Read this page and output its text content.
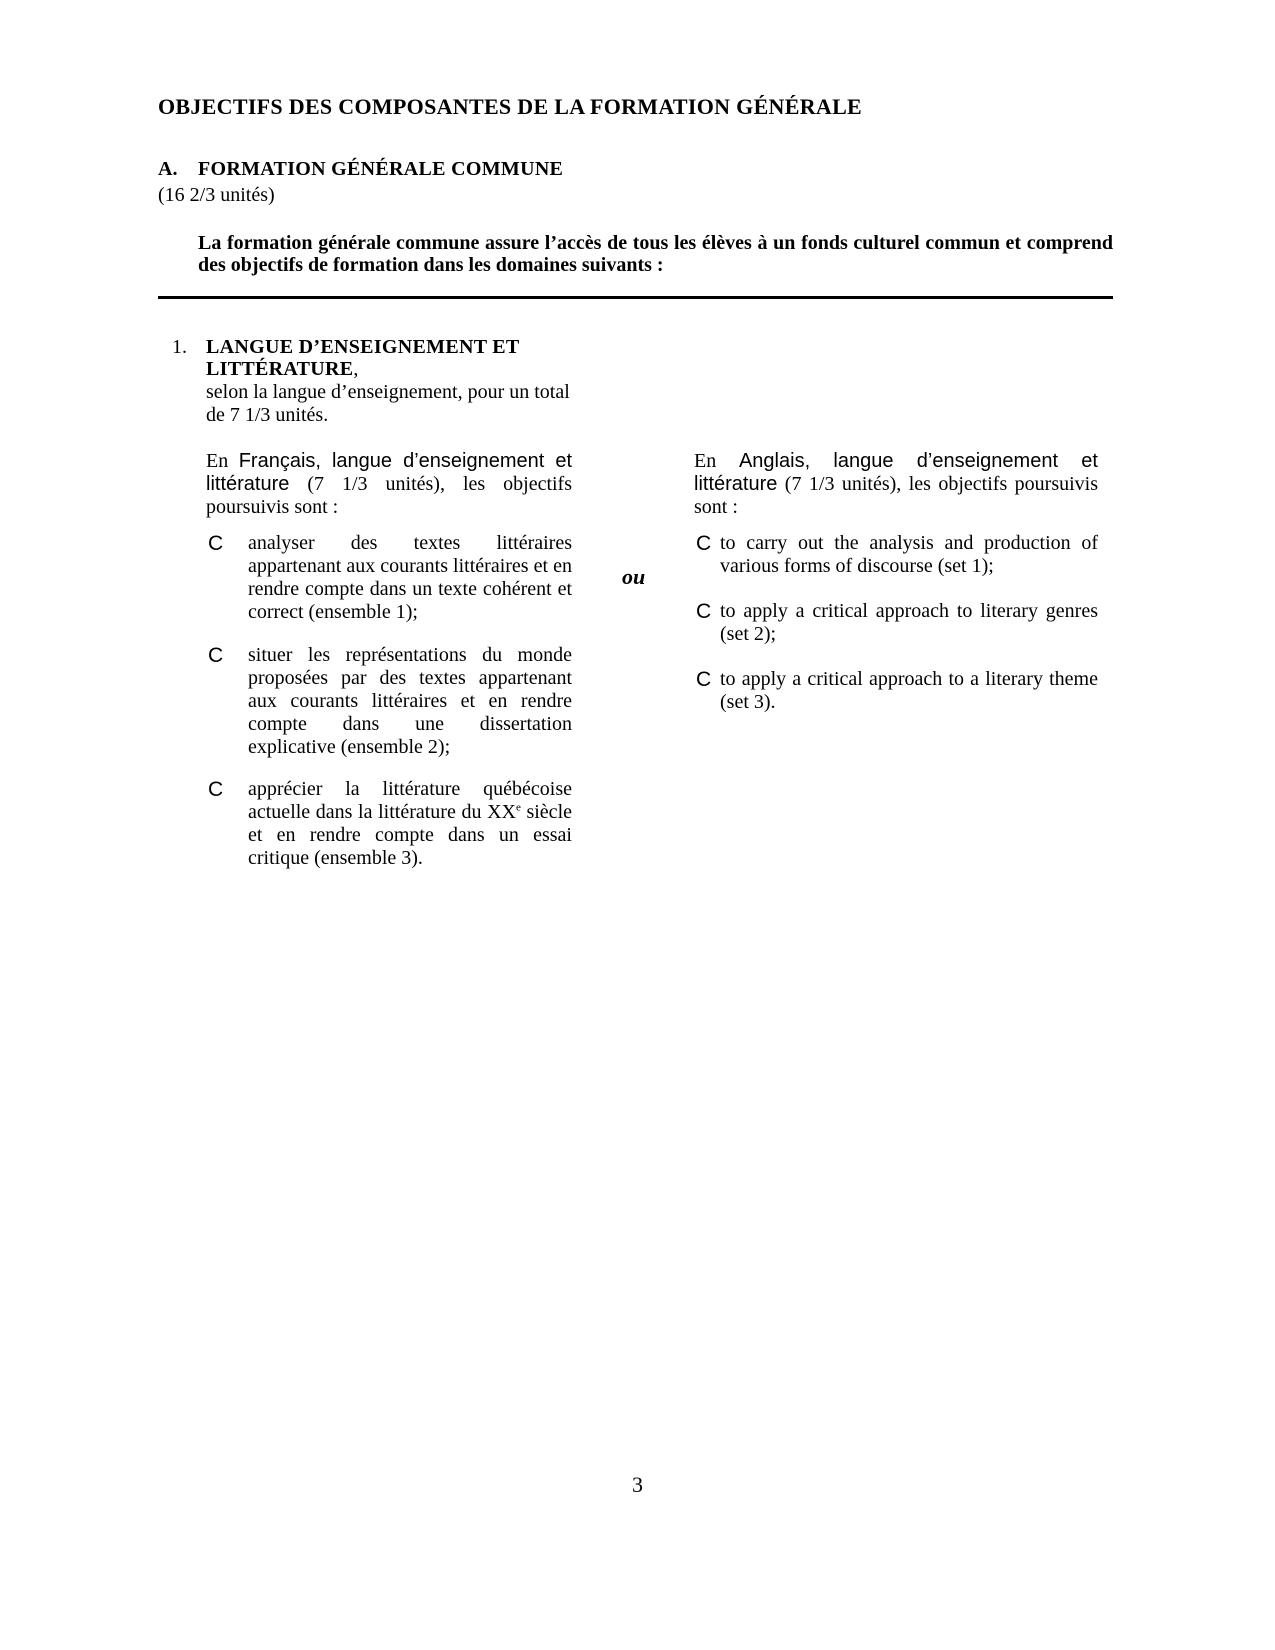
OBJECTIFS DES COMPOSANTES DE LA FORMATION GÉNÉRALE
A. FORMATION GÉNÉRALE COMMUNE
(16 2/3 unités)
La formation générale commune assure l’accès de tous les élèves à un fonds culturel commun et comprend des objectifs de formation dans les domaines suivants :
1. LANGUE D’ENSEIGNEMENT ET LITTÉRATURE,
selon la langue d’enseignement, pour un total de 7 1/3 unités.
En Français, langue d’enseignement et littérature (7 1/3 unités), les objectifs poursuivis sont :
C analyser des textes littéraires appartenant aux courants littéraires et en rendre compte dans un texte cohérent et correct (ensemble 1);
C situer les représentations du monde proposées par des textes appartenant aux courants littéraires et en rendre compte dans une dissertation explicative (ensemble 2);
C apprécier la littérature québécoise actuelle dans la littérature du XXe siècle et en rendre compte dans un essai critique (ensemble 3).
ou
En Anglais, langue d’enseignement et littérature (7 1/3 unités), les objectifs poursuivis sont :
C to carry out the analysis and production of various forms of discourse (set 1);
C to apply a critical approach to literary genres (set 2);
C to apply a critical approach to a literary theme (set 3).
3
